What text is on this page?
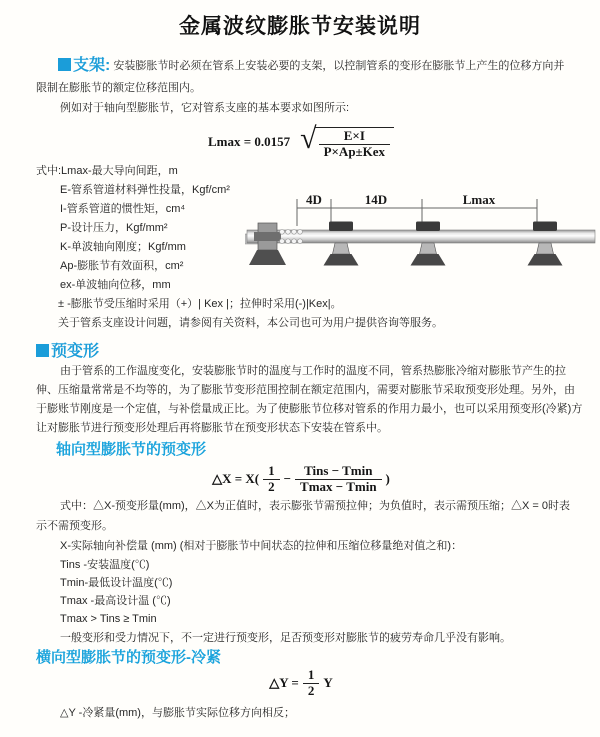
金属波纹膨胀节安装说明
支架: 安装膨胀节时必须在管系上安装必要的支架，以控制管系的变形在膨胀节上产生的位移方向并
限制在膨胀节的额定位移范围内。
例如对于轴向型膨胀节，它对管系支座的基本要求如图所示:
Lmax = 0.0157 √ $\frac{E\times I}{\text{P×Ap±Kex}}$
式中:Lmax-最大导向间距，m
E-管系管道材料弹性投量，Kgf/cm²
I-管系管道的惯性矩，cm⁴
P-设计压力，Kgf/mm²
K-单波轴向刚度；Kgf/mm
Ap-膨胀节有效面积，cm²
ex-单波轴向位移，mm
± -膨胀节受压缩时采用（+）| Kex |；拉伸时采用(-)|Kex|。
关于管系支座设计问题，请参阅有关资料，本公司也可为用户提供咨询等服务。
预变形
由于管系的工作温度变化，安装膨胀节时的温度与工作时的温度不同，管系热膨胀冷缩对膨胀节产生的拉
伸、压缩量常常是不均等的，为了膨胀节变形范围控制在额定范围内，需要对膨胀节采取预变形处理。另外，由
于膨账节刚度是一个定值，与补偿量成正比。为了使膨胀节位移对管系的作用力最小，也可以采用预变形(冷紧)方
让对膨胀节进行预变形处理后再将膨胀节在预变形状态下安装在管系中。
轴向型膨胀节的预变形
△X = $X( \frac{1}{2} - \frac{\text{Tins − Tmin}}{Tmax - Tmin}$ )
式中：△X-预变形量(mm)，△X为正值时，表示膨张节需预拉伸；为负值时，表示需预压缩；△X = 0时表
示不需预变形。
X-实际轴向补偿量 (mm) (相对于膨胀节中间状态的拉伸和压缩位移量绝对值之和)：
Tins -安装温度(℃)
Tmin-最低设计温度(℃)
Tmax -最高设计温 (℃)
Tmax > Tins ≥ Tmin
一般变形和受力情况下，不一定进行预变形，足否预变形对膨胀节的疲劳寿命几乎没有影响。
横向型膨胀节的预变形-冷紧
△Y = $\frac{1}{2}$ Y
△Y -冷紧量(mm)，与膨胀节实际位移方向相反；
4D	14D	Lmax
